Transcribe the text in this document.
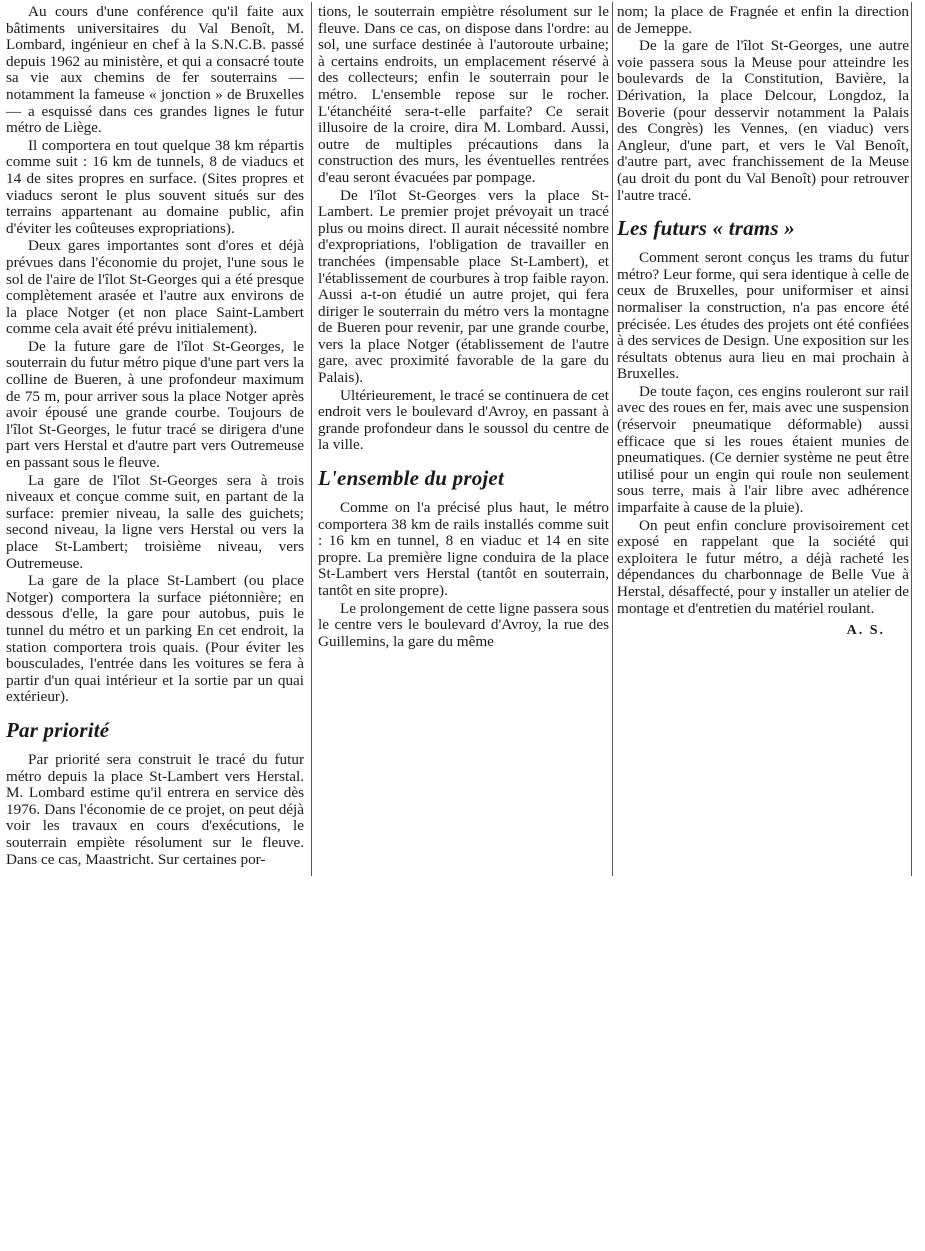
Au cours d'une conférence qu'il faite aux bâtiments universitaires du Val Benoît, M. Lombard, ingénieur en chef à la S.N.C.B. passé depuis 1962 au ministère, et qui a consacré toute sa vie aux chemins de fer souterrains — notamment la fameuse « jonction » de Bruxelles — a esquissé dans ces grandes lignes le futur métro de Liège.

Il comportera en tout quelque 38 km répartis comme suit : 16 km de tunnels, 8 de viaducs et 14 de sites propres en surface. (Sites propres et viaducs seront le plus souvent situés sur des terrains appartenant au domaine public, afin d'éviter les coûteuses expropriations).

Deux gares importantes sont d'ores et déjà prévues dans l'économie du projet, l'une sous le sol de l'aire de l'îlot St-Georges qui a été presque complètement arasée et l'autre aux environs de la place Notger (et non place Saint-Lambert comme cela avait été prévu initialement).

De la future gare de l'îlot St-Georges, le souterrain du futur métro pique d'une part vers la colline de Bueren, à une profondeur maximum de 75 m, pour arriver sous la place Notger après avoir épousé une grande courbe. Toujours de l'îlot St-Georges, le futur tracé se dirigera d'une part vers Herstal et d'autre part vers Outremeuse en passant sous le fleuve.

La gare de l'îlot St-Georges sera à trois niveaux et conçue comme suit, en partant de la surface: premier niveau, la salle des guichets; second niveau, la ligne vers Herstal ou vers la place St-Lambert; troisième niveau, vers Outremeuse.

La gare de la place St-Lambert (ou place Notger) comportera la surface piétonnière; en dessous d'elle, la gare pour autobus, puis le tunnel du métro et un parking En cet endroit, la station comportera trois quais. (Pour éviter les bousculades, l'entrée dans les voitures se fera à partir d'un quai intérieur et la sortie par un quai extérieur).

Par priorité

Par priorité sera construit le tracé du futur métro depuis la place St-Lambert vers Herstal. M. Lombard estime qu'il entrera en service dès 1976. Dans l'économie de ce projet, on peut déjà voir les travaux en cours d'exécutions, le souterrain empiète résolument sur le fleuve. Dans ce cas, Maastricht. Sur certaines por-

tions, le souterrain empiètre résolument sur le fleuve. Dans ce cas, on dispose dans l'ordre: au sol, une surface destinée à l'autoroute urbaine; à certains endroits, un emplacement réservé à des collecteurs; enfin le souterrain pour le métro. L'ensemble repose sur le rocher. L'étanchéité sera-t-elle parfaite? Ce serait illusoire de la croire, dira M. Lombard. Aussi, outre de multiples précautions dans la construction des murs, les éventuelles rentrées d'eau seront évacuées par pompage.

De l'îlot St-Georges vers la place St-Lambert. Le premier projet prévoyait un tracé plus ou moins direct. Il aurait nécessité nombre d'expropriations, l'obligation de travailler en tranchées (impensable place St-Lambert), et l'établissement de courbures à trop faible rayon. Aussi a-t-on étudié un autre projet, qui fera diriger le souterrain du métro vers la montagne de Bueren pour revenir, par une grande courbe, vers la place Notger (établissement de l'autre gare, avec proximité favorable de la gare du Palais).

Ultérieurement, le tracé se continuera de cet endroit vers le boulevard d'Avroy, en passant à grande profondeur dans le soussol du centre de la ville.

L'ensemble du projet

Comme on l'a précisé plus haut, le métro comportera 38 km de rails installés comme suit : 16 km en tunnel, 8 en viaduc et 14 en site propre. La première ligne conduira de la place St-Lambert vers Herstal (tantôt en souterrain, tantôt en site propre).

Le prolongement de cette ligne passera sous le centre vers le boulevard d'Avroy, la rue des Guillemins, la gare du même

nom; la place de Fragnée et enfin la direction de Jemeppe.

De la gare de l'îlot St-Georges, une autre voie passera sous la Meuse pour atteindre les boulevards de la Constitution, Bavière, la Dérivation, la place Delcour, Longdoz, la Boverie (pour desservir notamment la Palais des Congrès) les Vennes, (en viaduc) vers Angleur, d'une part, et vers le Val Benoît, d'autre part, avec franchissement de la Meuse (au droit du pont du Val Benoît) pour retrouver l'autre tracé.

Les futurs « trams »

Comment seront conçus les trams du futur métro? Leur forme, qui sera identique à celle de ceux de Bruxelles, pour uniformiser et ainsi normaliser la construction, n'a pas encore été précisée. Les études des projets ont été confiées à des services de Design. Une exposition sur les résultats obtenus aura lieu en mai prochain à Bruxelles.

De toute façon, ces engins rouleront sur rail avec des roues en fer, mais avec une suspension (réservoir pneumatique déformable) aussi efficace que si les roues étaient munies de pneumatiques. (Ce dernier système ne peut être utilisé pour un engin qui roule non seulement sous terre, mais à l'air libre avec adhérence imparfaite à cause de la pluie).

On peut enfin conclure provisoirement cet exposé en rappelant que la société qui exploitera le futur métro, a déjà racheté les dépendances du charbonnage de Belle Vue à Herstal, désaffecté, pour y installer un atelier de montage et d'entretien du matériel roulant.

A. S.
